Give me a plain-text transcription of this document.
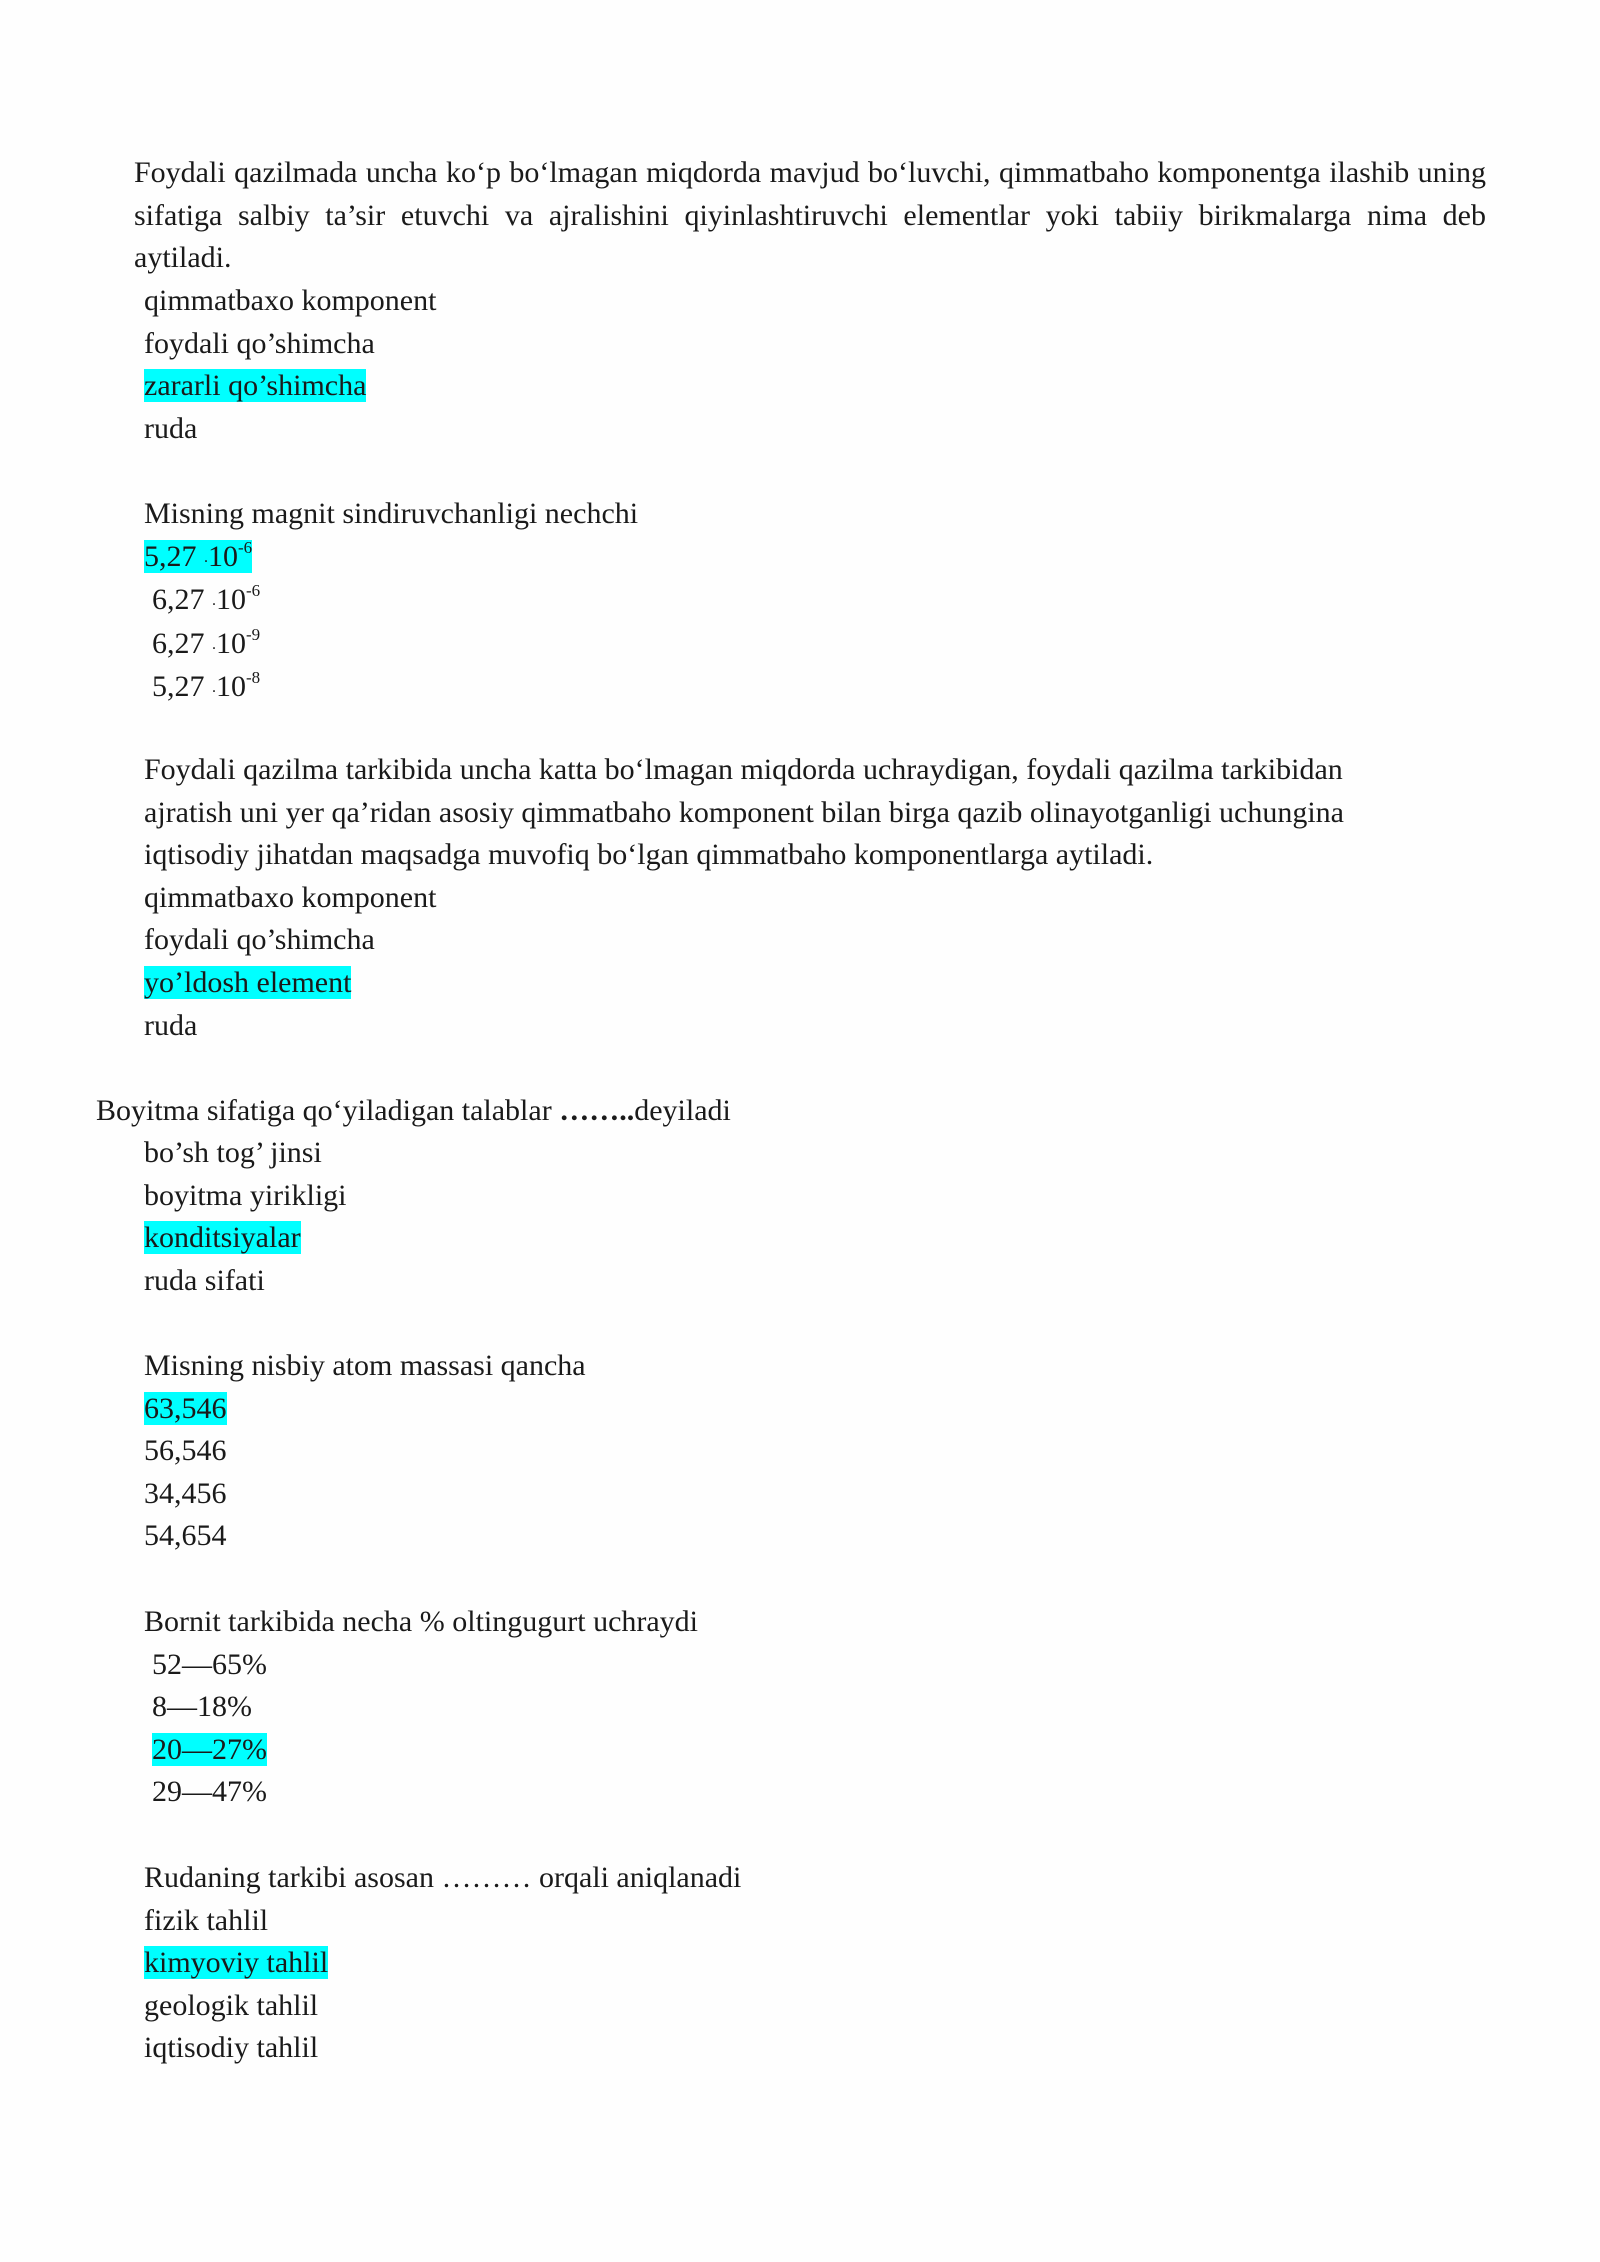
Foydali qazilmada uncha koʻp boʻlmagan miqdorda mavjud boʻluvchi, qimmatbaho komponentga ilashib uning sifatiga salbiy ta’sir etuvchi va ajralishini qiyinlashtiruvchi elementlar yoki tabiiy birikmalarga nima deb aytiladi.
qimmatbaxo komponent
foydali qo’shimcha
zararli qo’shimcha
ruda
Misning magnit sindiruvchanligi nechchi
5,27 $.10^{-6}$
6,27 $.10^{-6}$
6,27 $.10^{-9}$
5,27 $.10^{-8}$
Foydali qazilma tarkibida uncha katta boʻlmagan miqdorda uchraydigan, foydali qazilma tarkibidan
ajratish uni yer qa’ridan asosiy qimmatbaho komponent bilan birga qazib olinayotganligi uchungina
iqtisodiy jihatdan maqsadga muvofiq boʻlgan qimmatbaho komponentlarga aytiladi.
qimmatbaxo komponent
foydali qo’shimcha
yo’ldosh element
ruda
Boyitma sifatiga qoʻyiladigan talablar ……..deyiladi
bo’sh tog’ jinsi
boyitma yirikligi
konditsiyalar
ruda sifati
Misning nisbiy atom massasi qancha
63,546
56,546
34,456
54,654
Bornit tarkibida necha % oltingugurt uchraydi
52—65%
8—18%
20—27%
29—47%
Rudaning tarkibi asosan ……… orqali aniqlanadi
fizik tahlil
kimyoviy tahlil
geologik tahlil
iqtisodiy tahlil
